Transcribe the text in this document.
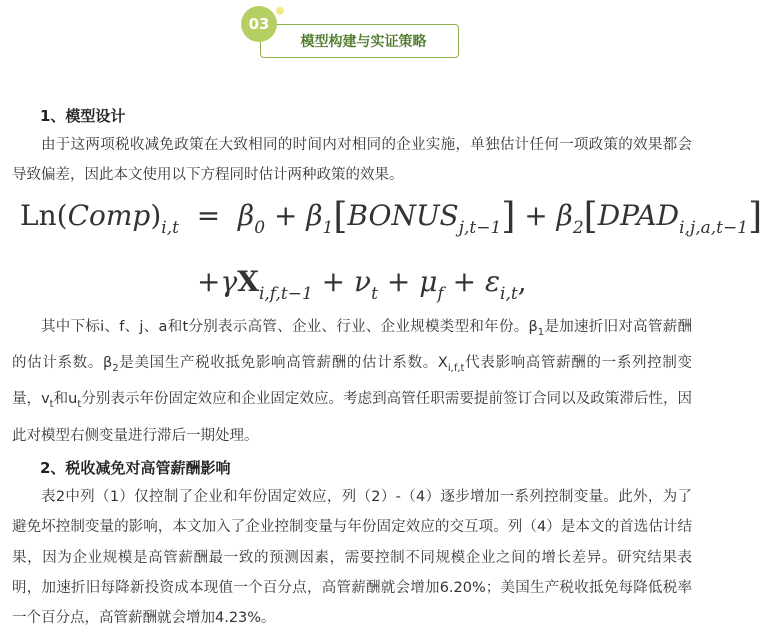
03
模型构建与实证策略
1、模型设计

由于这两项税收减免政策在大致相同的时间内对相同的企业实施，单独估计任何一项政策的效果都会导致偏差，因此本文使用以下方程同时估计两种政策的效果。

$Ln(Comp)_{i,t} = \beta_0$ + $\beta_1[BONUS_{j,t-1}]$ + $\beta_2[DPAD_{i,j,a,t-1}]$
$+\gamma X_{i,f,t-1} + \nu_t + \mu_f + \varepsilon_{i,t}$,

其中下标i、f、j、a和t分别表示高管、企业、行业、企业规模类型和年份。$\beta_1$是加速折旧对高管薪酬的估计系数。$\beta_2$是美国生产税收抵免影响高管薪酬的估计系数。$X_{i,f,t}$代表影响高管薪酬的一系列控制变量，$v_t$和$u_t$分别表示年份固定效应和企业固定效应。考虑到高管任职需要提前签订合同以及政策滞后性，因此对模型右侧变量进行滞后一期处理。

2、税收减免对高管薪酬影响

表2中列（1）仅控制了企业和年份固定效应，列（2）-（4）逐步增加一系列控制变量。此外，为了避免坏控制变量的影响，本文加入了企业控制变量与年份固定效应的交互项。列（4）是本文的首选估计结果，因为企业规模是高管薪酬最一致的预测因素，需要控制不同规模企业之间的增长差异。研究结果表明，加速折旧每降新投资成本现值一个百分点，高管薪酬就会增加6.20%；美国生产税收抵免每降低税率一个百分点，高管薪酬就会增加4.23%。
